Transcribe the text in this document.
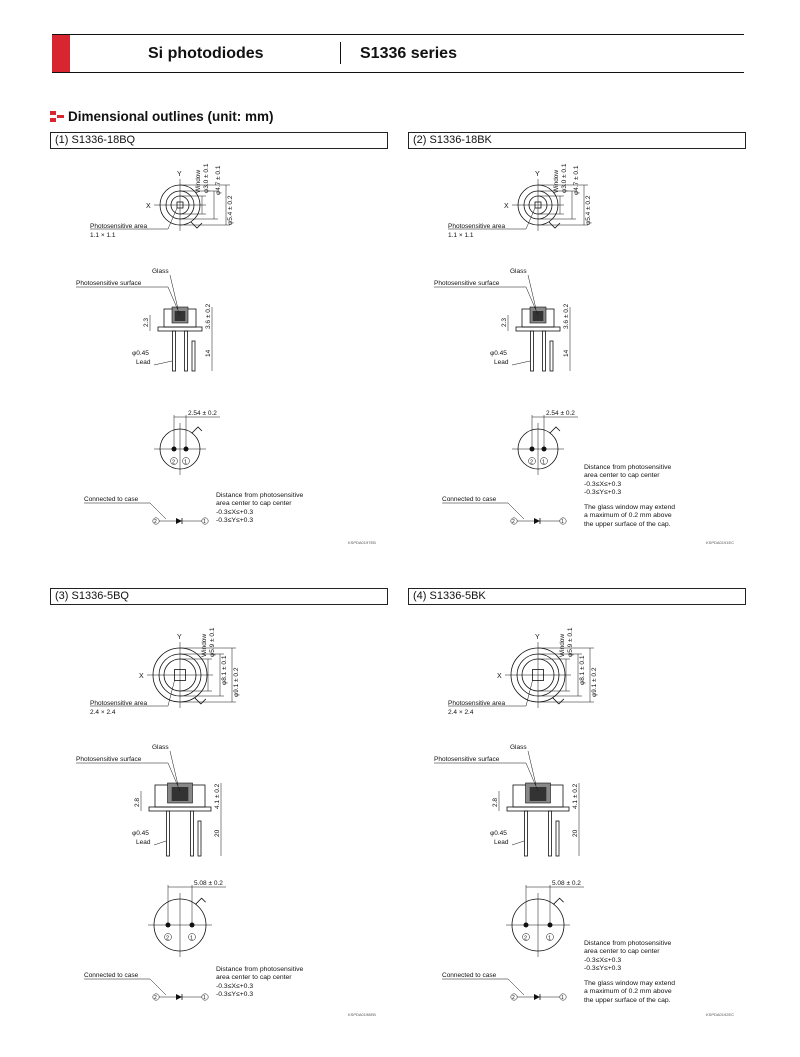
Si photodiodes	S1336 series
Dimensional outlines (unit: mm)
(1) S1336-18BQ
X
Y Window φ3.0 ± 0.1 φ4.7 ± 0.1
φ5.4 ± 0.2
Photosensitive area
1.1 × 1.1
Glass
Photosensitive surface
3.6 ± 0.2
2.3
14
φ0.45
Lead
2 1
2.54 ± 0.2
Connected to case
2	1
Distance from photosensitive
area center to cap center
-0.3≤X≤+0.3
-0.3≤Y≤+0.3
KSPDA0197EB
(2) S1336-18BK
X
Y Window φ3.0 ± 0.1 φ4.7 ± 0.1
φ5.4 ± 0.2
Photosensitive area
1.1 × 1.1
Glass
Photosensitive surface
3.6 ± 0.2
2.3
14
φ0.45
Lead
2 1
2.54 ± 0.2
Connected to case
2	1
Distance from photosensitive
area center to cap center
-0.3≤X≤+0.3
-0.3≤Y≤+0.3
The glass window may extend
a maximum of 0.2 mm above
the upper surface of the cap.
KSPDA0191EC
(3) S1336-5BQ
X
Y	Window φ5.9 ± 0.1
φ8.1 ± 0.1 φ9.1 ± 0.2
Photosensitive area
2.4 × 2.4
Glass
Photosensitive surface
4.1 ± 0.2
2.8
20
φ0.45
Lead
2	1
5.08 ± 0.2
Connected to case
2	1
Distance from photosensitive
area center to cap center
-0.3≤X≤+0.3
-0.3≤Y≤+0.3
KSPDA0198EB
(4) S1336-5BK
X
Y	Window φ5.9 ± 0.1
φ8.1 ± 0.1 φ9.1 ± 0.2
Photosensitive area
2.4 × 2.4
Glass
Photosensitive surface
4.1 ± 0.2
2.8
20
φ0.45
Lead
2	1
5.08 ± 0.2
Connected to case
2	1
Distance from photosensitive
area center to cap center
-0.3≤X≤+0.3
-0.3≤Y≤+0.3
The glass window may extend
a maximum of 0.2 mm above
the upper surface of the cap.
KSPDA0192EC
